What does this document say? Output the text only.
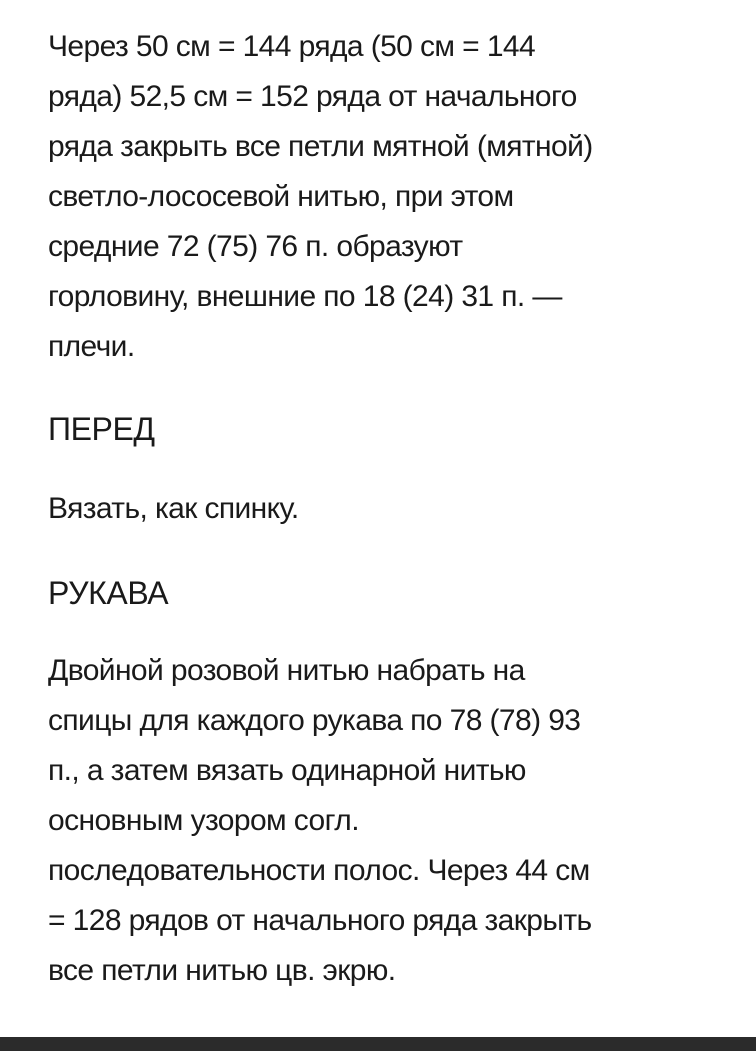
Через 50 см = 144 ряда (50 см = 144
ряда) 52,5 см = 152 ряда от начального
ряда закрыть все петли мятной (мятной)
светло-лососевой нитью, при этом
средние 72 (75) 76 п. образуют
горловину, внешние по 18 (24) 31 п. —
плечи.

ПЕРЕД

Вязать, как спинку.

РУКАВА

Двойной розовой нитью набрать на
спицы для каждого рукава по 78 (78) 93
п., а затем вязать одинарной нитью
основным узором согл.
последовательности полос. Через 44 см
= 128 рядов от начального ряда закрыть
все петли нитью цв. экрю.
